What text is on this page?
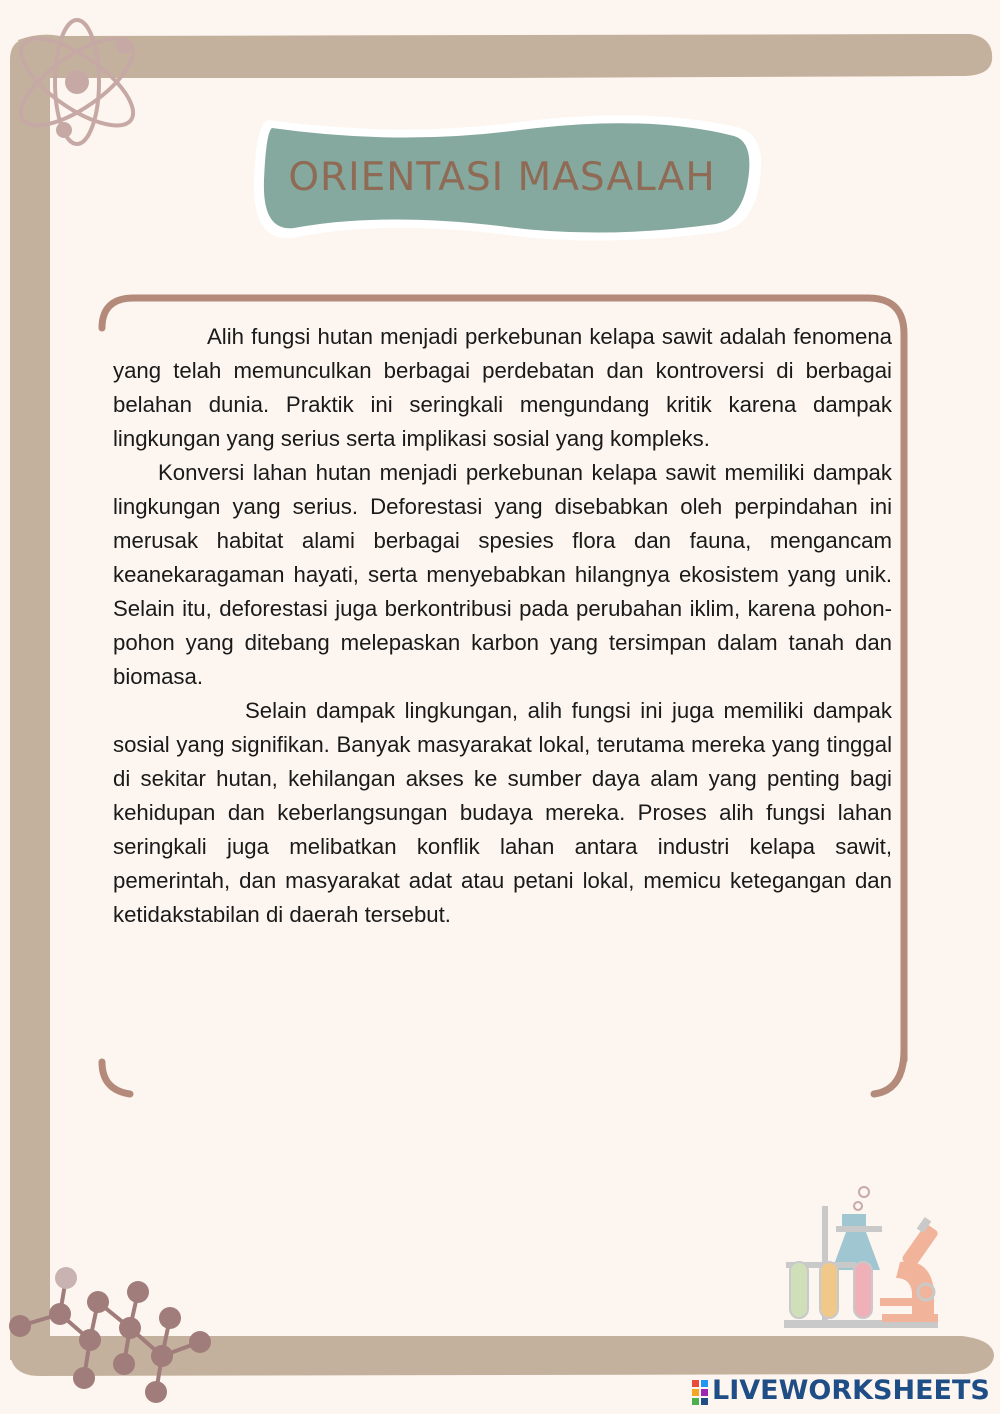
ORIENTASI MASALAH

Alih fungsi hutan menjadi perkebunan kelapa sawit adalah fenomena yang telah memunculkan berbagai perdebatan dan kontroversi di berbagai belahan dunia. Praktik ini seringkali mengundang kritik karena dampak lingkungan yang serius serta implikasi sosial yang kompleks.

Konversi lahan hutan menjadi perkebunan kelapa sawit memiliki dampak lingkungan yang serius. Deforestasi yang disebabkan oleh perpindahan ini merusak habitat alami berbagai spesies flora dan fauna, mengancam keanekaragaman hayati, serta menyebabkan hilangnya ekosistem yang unik. Selain itu, deforestasi juga berkontribusi pada perubahan iklim, karena pohon-pohon yang ditebang melepaskan karbon yang tersimpan dalam tanah dan biomasa.

Selain dampak lingkungan, alih fungsi ini juga memiliki dampak sosial yang signifikan. Banyak masyarakat lokal, terutama mereka yang tinggal di sekitar hutan, kehilangan akses ke sumber daya alam yang penting bagi kehidupan dan keberlangsungan budaya mereka. Proses alih fungsi lahan seringkali juga melibatkan konflik lahan antara industri kelapa sawit, pemerintah, dan masyarakat adat atau petani lokal, memicu ketegangan dan ketidakstabilan di daerah tersebut.

LIVEWORKSHEETS
